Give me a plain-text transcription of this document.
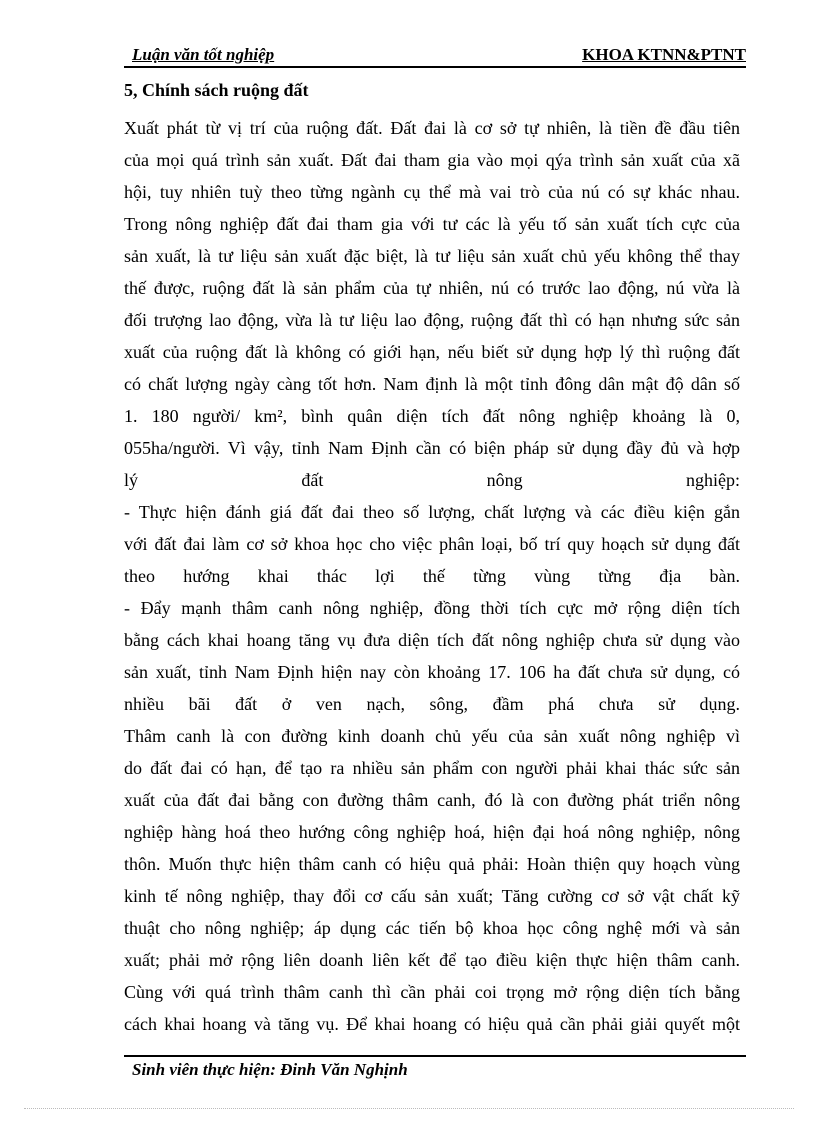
Luận văn tốt nghiệp	KHOA KTNN&PTNT
5, Chính sách ruộng đất
Xuất phát từ vị trí của ruộng đất. Đất đai là cơ sở tự nhiên, là tiền đề đầu tiên
của mọi quá trình sản xuất. Đất đai tham gia vào mọi qýa trình sản xuất của xã
hội, tuy nhiên tuỳ theo từng ngành cụ thể mà vai trò của nú có sự khác nhau.
Trong nông nghiệp đất đai tham gia với tư các là yếu tố sản xuất tích cực của
sản xuất, là tư liệu sản xuất đặc biệt, là tư liệu sản xuất chủ yếu không thể thay
thế được, ruộng đất là sản phẩm của tự nhiên, nú có trước lao động, nú vừa là
đối trượng lao động, vừa là tư liệu lao động, ruộng đất thì có hạn nhưng sức sản
xuất của ruộng đất là không có giới hạn, nếu biết sử dụng hợp lý thì ruộng đất
có chất lượng ngày càng tốt hơn. Nam định là một tỉnh đông dân mật độ dân số
1. 180 người/ km², bình quân diện tích đất nông nghiệp khoảng là 0,
055ha/người. Vì vậy, tỉnh Nam Định cần có biện pháp sử dụng đầy đủ và hợp
lý đất nông nghiệp:
- Thực hiện đánh giá đất đai theo số lượng, chất lượng và các điều kiện gắn
với đất đai làm cơ sở khoa học cho việc phân loại, bố trí quy hoạch sử dụng đất
theo hướng khai thác lợi thế từng vùng từng địa bàn.
- Đẩy mạnh thâm canh nông nghiệp, đồng thời tích cực mở rộng diện tích
bằng cách khai hoang tăng vụ đưa diện tích đất nông nghiệp chưa sử dụng vào
sản xuất, tỉnh Nam Định hiện nay còn khoảng 17. 106 ha đất chưa sử dụng, có
nhiều bãi đất ở ven nạch, sông, đầm phá chưa sử dụng.
Thâm canh là con đường kinh doanh chủ yếu của sản xuất nông nghiệp vì
do đất đai có hạn, để tạo ra nhiều sản phẩm con người phải khai thác sức sản
xuất của đất đai bằng con đường thâm canh, đó là con đường phát triển nông
nghiệp hàng hoá theo hướng công nghiệp hoá, hiện đại hoá nông nghiệp, nông
thôn. Muốn thực hiện thâm canh có hiệu quả phải: Hoàn thiện quy hoạch vùng
kinh tế nông nghiệp, thay đổi cơ cấu sản xuất; Tăng cường cơ sở vật chất kỹ
thuật cho nông nghiệp; áp dụng các tiến bộ khoa học công nghệ mới và sản
xuất; phải mở rộng liên doanh liên kết để tạo điều kiện thực hiện thâm canh.
Cùng với quá trình thâm canh thì cần phải coi trọng mở rộng diện tích bằng
cách khai hoang và tăng vụ. Để khai hoang có hiệu quả cần phải giải quyết một
Sinh viên thực hiện: Đinh Văn Nghịnh
